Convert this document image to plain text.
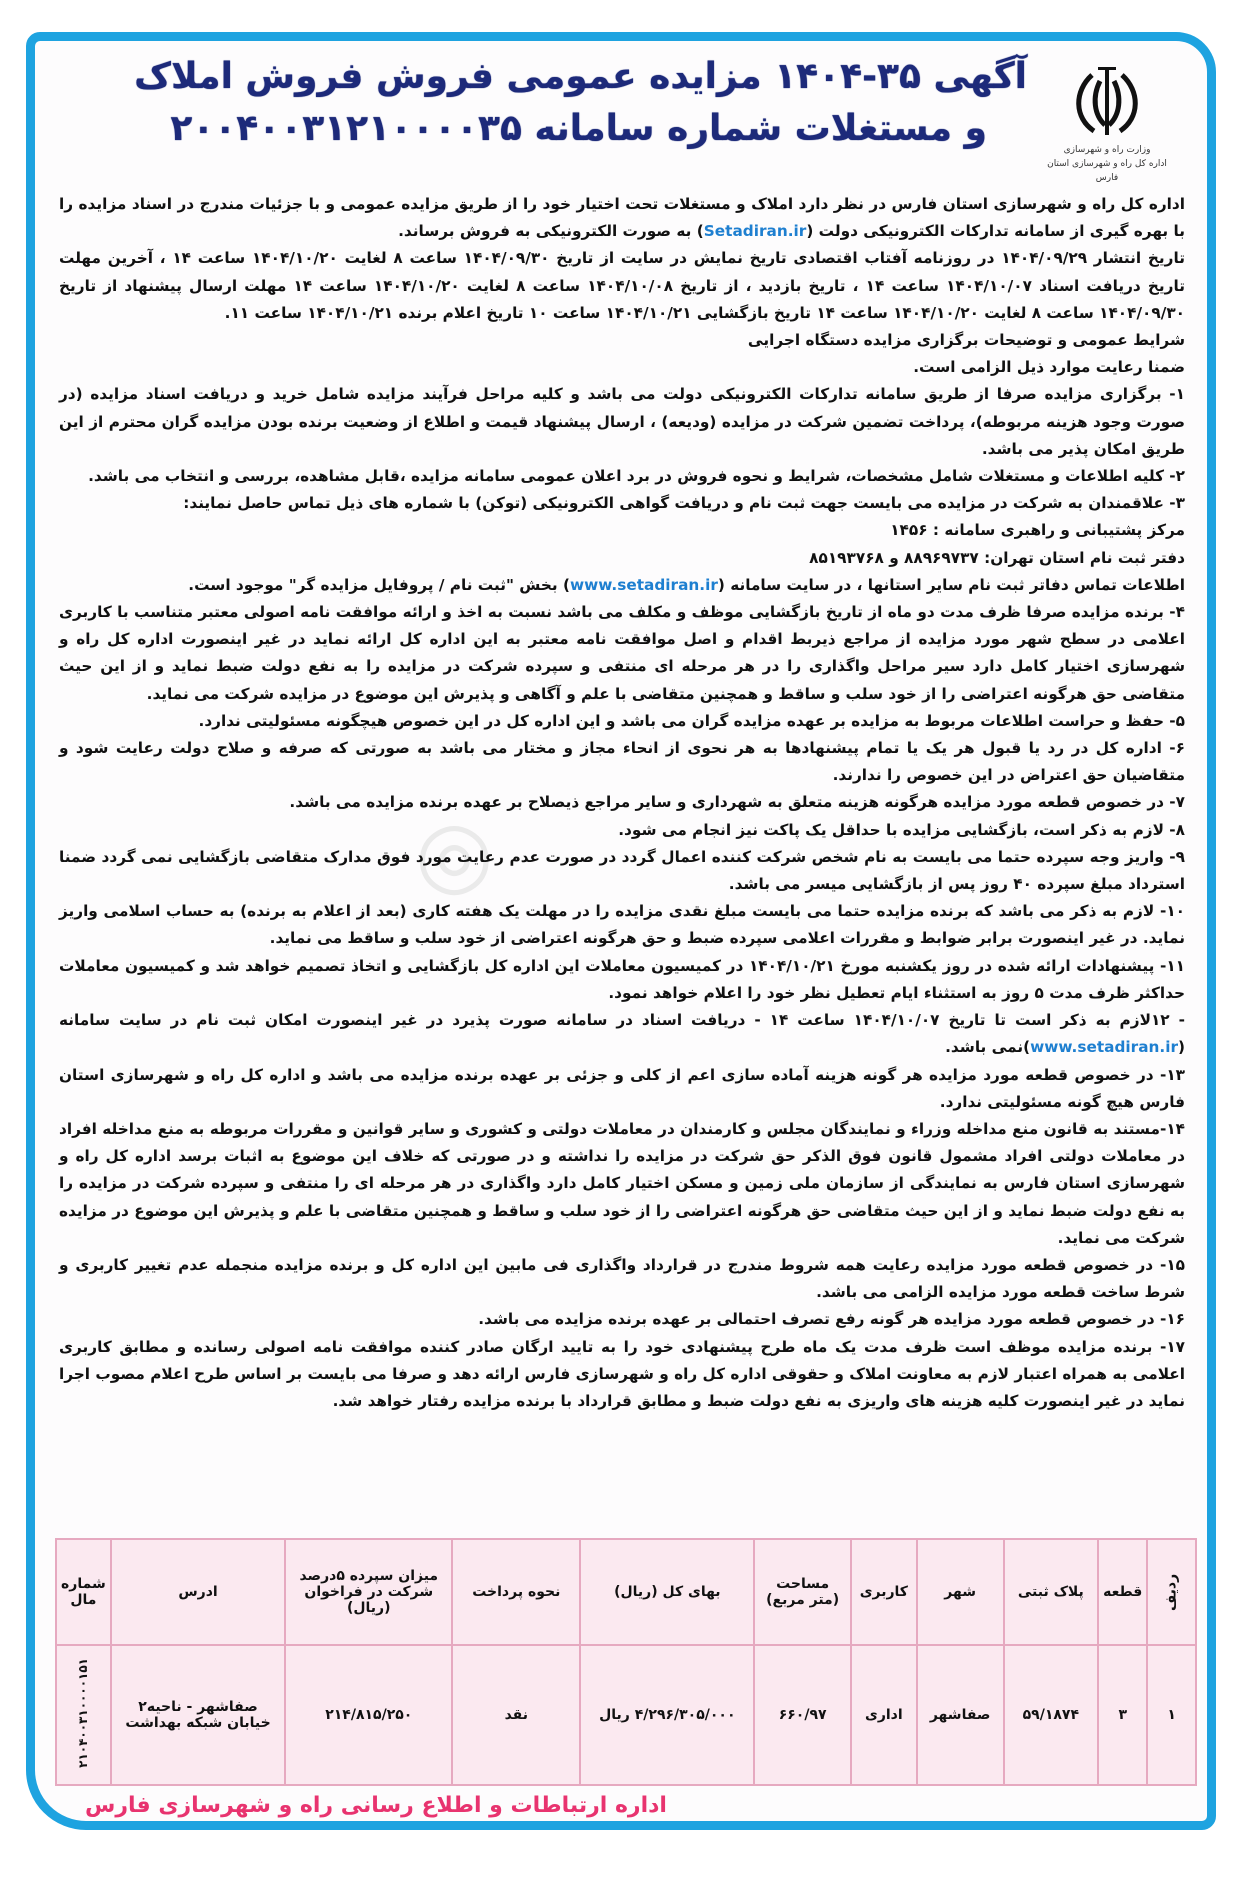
وزارت راه و شهرسازی
اداره کل راه و شهرسازی استان فارس
آگهی ۳۵-۱۴۰۴ مزایده عمومی فروش فروش املاک
و مستغلات شماره سامانه ۲۰۰۴۰۰۳۱۲۱۰۰۰۰۳۵
◎

اداره کل راه و شهرسازی استان فارس در نظر دارد املاک و مستغلات تحت اختیار خود را از طریق مزایده عمومی و با جزئیات مندرج در اسناد مزایده را با بهره گیری از سامانه تدارکات الکترونیکی دولت (Setadiran.ir) به صورت الکترونیکی به فروش برساند.

تاریخ انتشار ۱۴۰۴/۰۹/۲۹ در روزنامه آفتاب اقتصادی تاریخ نمایش در سایت از تاریخ ۱۴۰۴/۰۹/۳۰ ساعت ۸ لغایت ۱۴۰۴/۱۰/۲۰ ساعت ۱۴ ، آخرین مهلت تاریخ دریافت اسناد ۱۴۰۴/۱۰/۰۷ ساعت ۱۴ ، تاریخ بازدید ، از تاریخ ۱۴۰۴/۱۰/۰۸ ساعت ۸ لغایت ۱۴۰۴/۱۰/۲۰ ساعت ۱۴ مهلت ارسال پیشنهاد از تاریخ ۱۴۰۴/۰۹/۳۰ ساعت ۸ لغایت ۱۴۰۴/۱۰/۲۰ ساعت ۱۴ تاریخ بازگشایی ۱۴۰۴/۱۰/۲۱ ساعت ۱۰ تاریخ اعلام برنده ۱۴۰۴/۱۰/۲۱ ساعت ۱۱.

شرایط عمومی و توضیحات برگزاری مزایده دستگاه اجرایی

ضمنا رعایت موارد ذیل الزامی است.

۱- برگزاری مزایده صرفا از طریق سامانه تدارکات الکترونیکی دولت می باشد و کلیه مراحل فرآیند مزایده شامل خرید و دریافت اسناد مزایده (در صورت وجود هزینه مربوطه)، پرداخت تضمین شرکت در مزایده (ودیعه) ، ارسال پیشنهاد قیمت و اطلاع از وضعیت برنده بودن مزایده گران محترم از این طریق امکان پذیر می باشد.

۲- کلیه اطلاعات و مستغلات شامل مشخصات، شرایط و نحوه فروش در برد اعلان عمومی سامانه مزایده ،قابل مشاهده، بررسی و انتخاب می باشد.

۳- علاقمندان به شرکت در مزایده می بایست جهت ثبت نام و دریافت گواهی الکترونیکی (توکن) با شماره های ذیل تماس حاصل نمایند:

مرکز پشتیبانی و راهبری سامانه : ۱۴۵۶

دفتر ثبت نام استان تهران: ۸۸۹۶۹۷۳۷ و ۸۵۱۹۳۷۶۸

اطلاعات تماس دفاتر ثبت نام سایر استانها ، در سایت سامانه (www.setadiran.ir) بخش "ثبت نام / پروفایل مزایده گر" موجود است.

۴- برنده مزایده صرفا ظرف مدت دو ماه از تاریخ بازگشایی موظف و مکلف می باشد نسبت به اخذ و ارائه موافقت نامه اصولی معتبر متناسب با کاربری اعلامی در سطح شهر مورد مزایده از مراجع ذیربط اقدام و اصل موافقت نامه معتبر به این اداره کل ارائه نماید در غیر اینصورت اداره کل راه و شهرسازی اختیار کامل دارد سیر مراحل واگذاری را در هر مرحله ای منتفی و سپرده شرکت در مزایده را به نفع دولت ضبط نماید و از این حیث متقاضی حق هرگونه اعتراضی را از خود سلب و ساقط و همچنین متقاضی با علم و آگاهی و پذیرش این موضوع در مزایده شرکت می نماید.

۵- حفظ و حراست اطلاعات مربوط به مزایده بر عهده مزایده گران می باشد و این اداره کل در این خصوص هیچگونه مسئولیتی ندارد.

۶- اداره کل در رد یا قبول هر یک یا تمام پیشنهادها به هر نحوی از انحاء مجاز و مختار می باشد به صورتی که صرفه و صلاح دولت رعایت شود و متقاضیان حق اعتراض در این خصوص را ندارند.

۷- در خصوص قطعه مورد مزایده هرگونه هزینه متعلق به شهرداری و سایر مراجع ذیصلاح بر عهده برنده مزایده می باشد.

۸- لازم به ذکر است، بازگشایی مزایده با حداقل یک پاکت نیز انجام می شود.

۹- واریز وجه سپرده حتما می بایست به نام شخص شرکت کننده اعمال گردد در صورت عدم رعایت مورد فوق مدارک متقاضی بازگشایی نمی گردد ضمنا استرداد مبلغ سپرده ۴۰ روز پس از بازگشایی میسر می باشد.

۱۰- لازم به ذکر می باشد که برنده مزایده حتما می بایست مبلغ نقدی مزایده را در مهلت یک هفته کاری (بعد از اعلام به برنده) به حساب اسلامی واریز نماید. در غیر اینصورت برابر ضوابط و مقررات اعلامی سپرده ضبط و حق هرگونه اعتراضی از خود سلب و ساقط می نماید.

۱۱- پیشنهادات ارائه شده در روز یکشنبه مورخ ۱۴۰۴/۱۰/۲۱ در کمیسیون معاملات این اداره کل بازگشایی و اتخاذ تصمیم خواهد شد و کمیسیون معاملات حداکثر ظرف مدت ۵ روز به استثناء ایام تعطیل نظر خود را اعلام خواهد نمود.

- ۱۲لازم به ذکر است تا تاریخ ۱۴۰۴/۱۰/۰۷ ساعت ۱۴ - دریافت اسناد در سامانه صورت پذیرد در غیر اینصورت امکان ثبت نام در سایت سامانه (www.setadiran.ir)نمی باشد.

۱۳- در خصوص قطعه مورد مزایده هر گونه هزینه آماده سازی اعم از کلی و جزئی بر عهده برنده مزایده می باشد و اداره کل راه و شهرسازی استان فارس هیچ گونه مسئولیتی ندارد.

۱۴-مستند به قانون منع مداخله وزراء و نمایندگان مجلس و کارمندان در معاملات دولتی و کشوری و سایر قوانین و مقررات مربوطه به منع مداخله افراد در معاملات دولتی افراد مشمول قانون فوق الذکر حق شرکت در مزایده را نداشته و در صورتی که خلاف این موضوع به اثبات برسد اداره کل راه و شهرسازی استان فارس به نمایندگی از سازمان ملی زمین و مسکن اختیار کامل دارد واگذاری در هر مرحله ای را منتفی و سپرده شرکت در مزایده را به نفع دولت ضبط نماید و از این حیث متقاضی حق هرگونه اعتراضی را از خود سلب و ساقط و همچنین متقاضی با علم و پذیرش این موضوع در مزایده شرکت می نماید.

۱۵- در خصوص قطعه مورد مزایده رعایت همه شروط مندرج در قرارداد واگذاری فی مابین این اداره کل و برنده مزایده منجمله عدم تغییر کاربری و شرط ساخت قطعه مورد مزایده الزامی می باشد.

۱۶- در خصوص قطعه مورد مزایده هر گونه رفع تصرف احتمالی بر عهده برنده مزایده می باشد.

۱۷- برنده مزایده موظف است ظرف مدت یک ماه طرح پیشنهادی خود را به تایید ارگان صادر کننده موافقت نامه اصولی رسانده و مطابق کاربری اعلامی به همراه اعتبار لازم به معاونت املاک و حقوقی اداره کل راه و شهرسازی فارس ارائه دهد و صرفا می بایست بر اساس طرح اعلام مصوب اجرا نماید در غیر اینصورت کلیه هزینه های واریزی به نفع دولت ضبط و مطابق قرارداد با برنده مزایده رفتار خواهد شد.

ردیف	قطعه	پلاک ثبتی	شهر	کاربری	مساحت (متر مربع)	بهای کل (ریال)	نحوه پرداخت	میزان سپرده ۵درصد شرکت در فراخوان (ریال)	ادرس	شماره مال
۱	۳	۵۹/۱۸۷۴	صفاشهر	اداری	۶۶۰/۹۷	۴/۲۹۶/۳۰۵/۰۰۰ ریال	نقد	۲۱۴/۸۱۵/۲۵۰	صفاشهر - ناحیه۲ خیابان شبکه بهداشت	۲۱۰۴۰۰۳۱۰۰۰۰۱۵۱
اداره ارتباطات و اطلاع رسانی راه و شهرسازی فارس
